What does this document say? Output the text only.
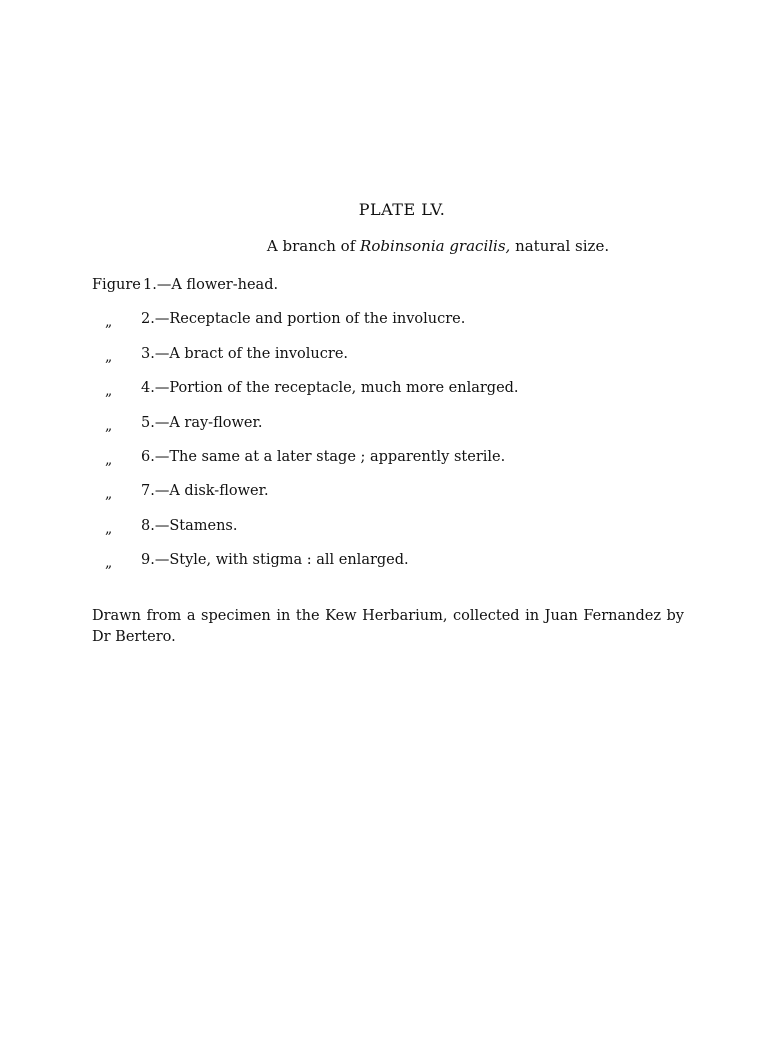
PLATE LV.
A branch of Robinsonia gracilis, natural size.
Figure 1.—A flower-head.
„ 2.—Receptacle and portion of the involucre.
„ 3.—A bract of the involucre.
„ 4.—Portion of the receptacle, much more enlarged.
„ 5.—A ray-flower.
„ 6.—The same at a later stage ; apparently sterile.
„ 7.—A disk-flower.
„ 8.—Stamens.
„ 9.—Style, with stigma : all enlarged.

Drawn from a specimen in the Kew Herbarium, collected in Juan Fernandez by Dr Bertero.
